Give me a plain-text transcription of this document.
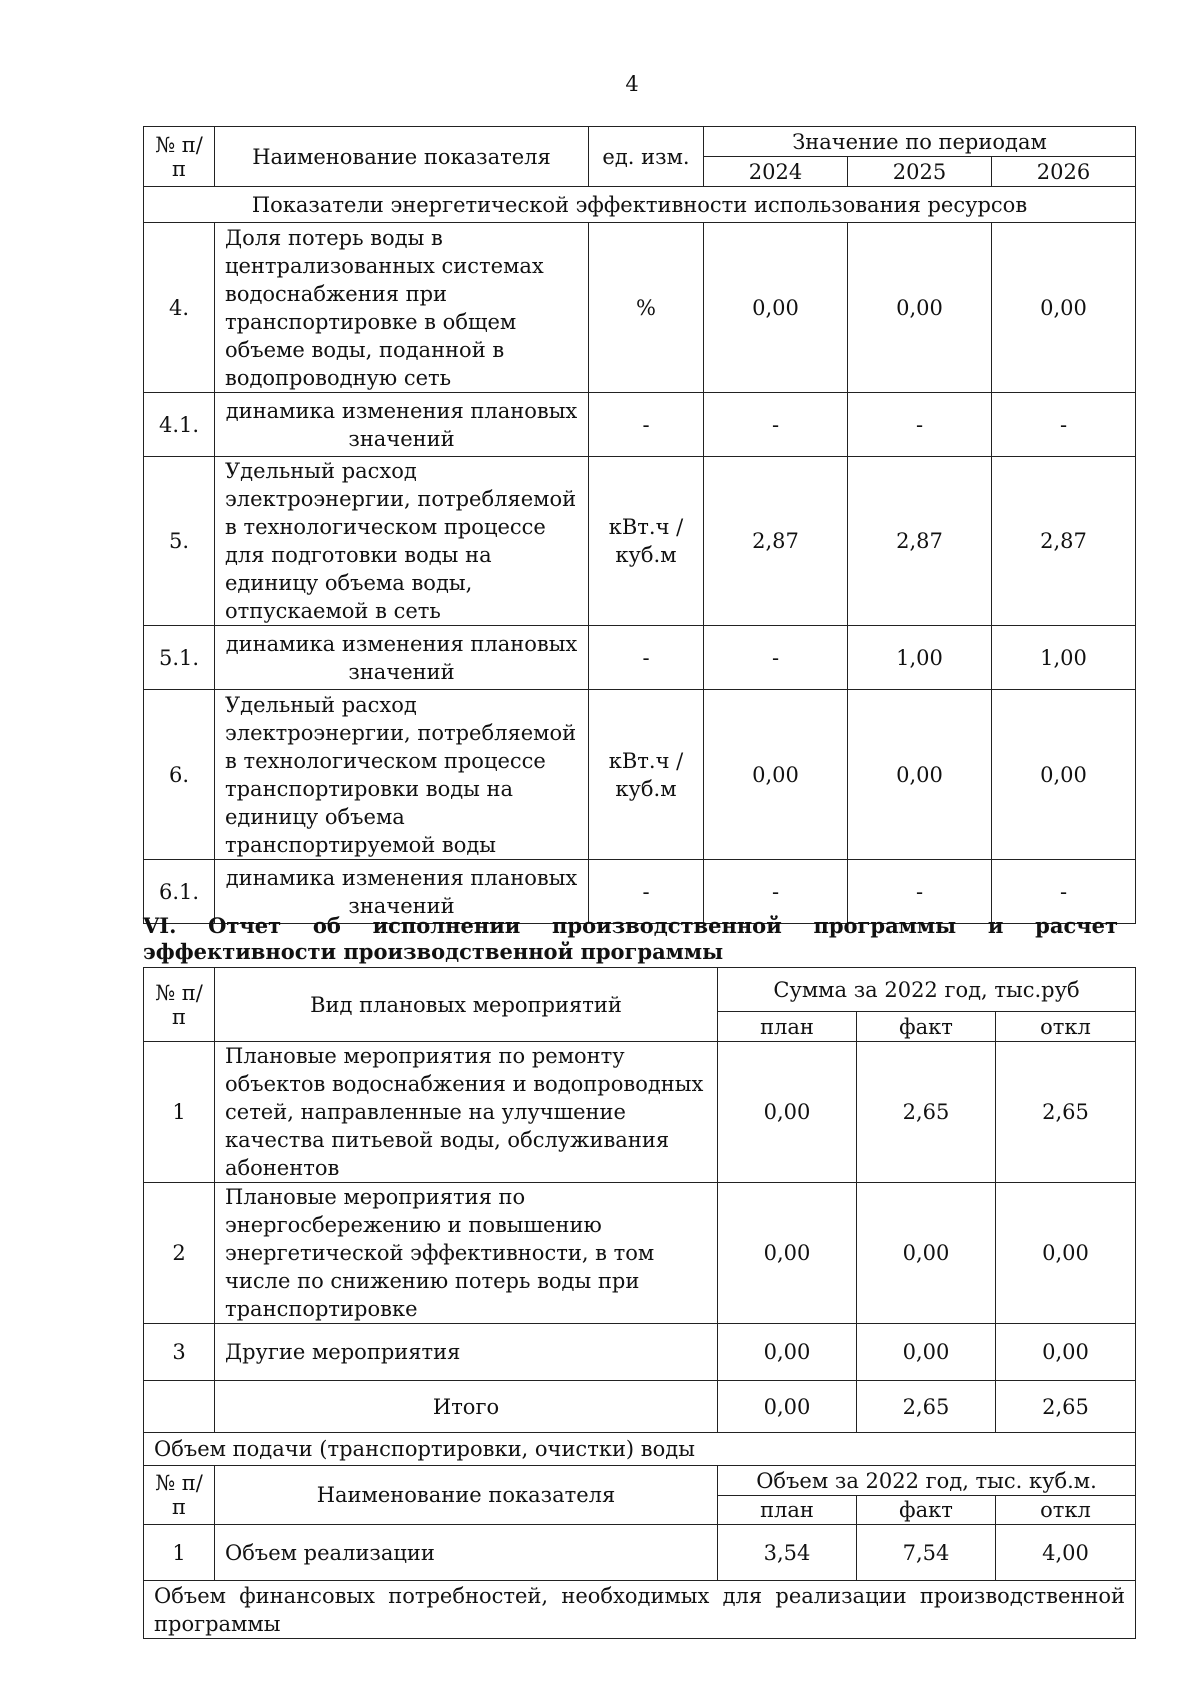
4
№ п/п	Наименование показателя	ед. изм.	Значение по периодам		
			2024	2025	2026
Показатели энергетической эффективности использования ресурсов					
4.	Доля потерь воды в централизованных системах водоснабжения при транспортировке в общем объеме воды, поданной в водопроводную сеть	%	0,00	0,00	0,00
4.1.	динамика изменения плановых значений	-	-	-	-
5.	Удельный расход электроэнергии, потребляемой в технологическом процессе для подготовки воды на единицу объема воды, отпускаемой в сеть	кВт.ч / куб.м	2,87	2,87	2,87
5.1.	динамика изменения плановых значений	-	-	1,00	1,00
6.	Удельный расход электроэнергии, потребляемой в технологическом процессе транспортировки воды на единицу объема транспортируемой воды	кВт.ч / куб.м	0,00	0,00	0,00
6.1.	динамика изменения плановых значений	-	-	-	-
VI. Отчет об исполнении производственной программы и расчет эффективности производственной программы
№ п/п	Вид плановых мероприятий	Сумма за 2022 год, тыс.руб		
		план	факт	откл
1	Плановые мероприятия по ремонту объектов водоснабжения и водопроводных сетей, направленные на улучшение качества питьевой воды, обслуживания абонентов	0,00	2,65	2,65
2	Плановые мероприятия по энергосбережению и повышению энергетической эффективности, в том числе по снижению потерь воды при транспортировке	0,00	0,00	0,00
3	Другие мероприятия	0,00	0,00	0,00
	Итого	0,00	2,65	2,65
Объем подачи (транспортировки, очистки) воды				
№ п/п	Наименование показателя	Объем за 2022 год, тыс. куб.м.		
		план	факт	откл
1	Объем реализации	3,54	7,54	4,00
Объем финансовых потребностей, необходимых для реализации производственной программы				
